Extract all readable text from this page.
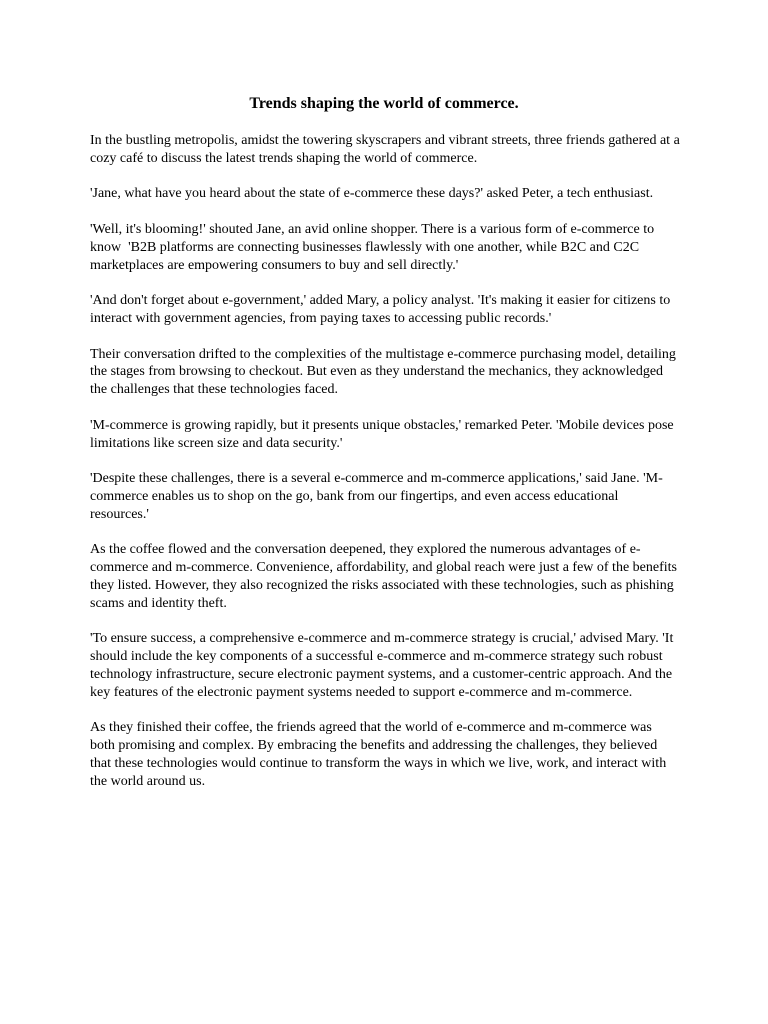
Trends shaping the world of commerce.

In the bustling metropolis, amidst the towering skyscrapers and vibrant streets, three friends gathered at a cozy café to discuss the latest trends shaping the world of commerce.

'Jane, what have you heard about the state of e-commerce these days?' asked Peter, a tech enthusiast.

'Well, it's blooming!' shouted Jane, an avid online shopper. There is a various form of e-commerce to know  'B2B platforms are connecting businesses flawlessly with one another, while B2C and C2C marketplaces are empowering consumers to buy and sell directly.'

'And don't forget about e-government,' added Mary, a policy analyst. 'It's making it easier for citizens to interact with government agencies, from paying taxes to accessing public records.'

Their conversation drifted to the complexities of the multistage e-commerce purchasing model, detailing the stages from browsing to checkout. But even as they understand the mechanics, they acknowledged the challenges that these technologies faced.

'M-commerce is growing rapidly, but it presents unique obstacles,' remarked Peter. 'Mobile devices pose limitations like screen size and data security.'

'Despite these challenges, there is a several e-commerce and m-commerce applications,' said Jane. 'M-commerce enables us to shop on the go, bank from our fingertips, and even access educational resources.'

As the coffee flowed and the conversation deepened, they explored the numerous advantages of e-commerce and m-commerce. Convenience, affordability, and global reach were just a few of the benefits they listed. However, they also recognized the risks associated with these technologies, such as phishing scams and identity theft.

'To ensure success, a comprehensive e-commerce and m-commerce strategy is crucial,' advised Mary. 'It should include the key components of a successful e-commerce and m-commerce strategy such robust technology infrastructure, secure electronic payment systems, and a customer-centric approach. And the key features of the electronic payment systems needed to support e-commerce and m-commerce.

As they finished their coffee, the friends agreed that the world of e-commerce and m-commerce was both promising and complex. By embracing the benefits and addressing the challenges, they believed that these technologies would continue to transform the ways in which we live, work, and interact with the world around us.
